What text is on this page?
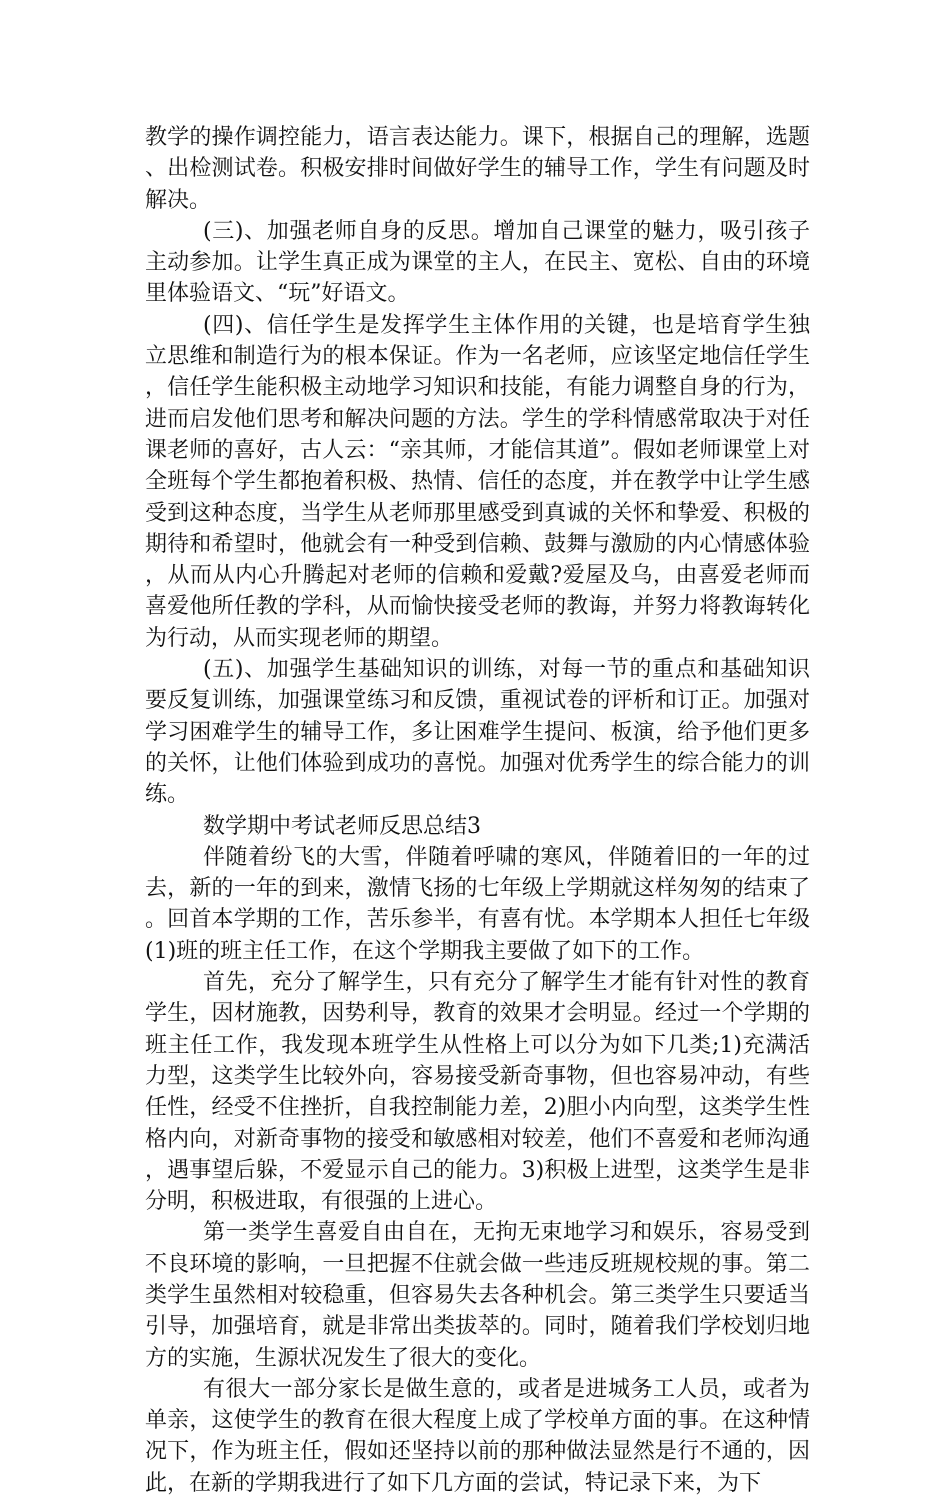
教学的操作调控能力，语言表达能力。课下，根据自己的理解，选题、出检测试卷。积极安排时间做好学生的辅导工作，学生有问题及时解决。

(三)、加强老师自身的反思。增加自己课堂的魅力，吸引孩子主动参加。让学生真正成为课堂的主人，在民主、宽松、自由的环境里体验语文、“玩”好语文。

(四)、信任学生是发挥学生主体作用的关键，也是培育学生独立思维和制造行为的根本保证。作为一名老师，应该坚定地信任学生，信任学生能积极主动地学习知识和技能，有能力调整自身的行为，进而启发他们思考和解决问题的方法。学生的学科情感常取决于对任课老师的喜好，古人云：“亲其师，才能信其道”。假如老师课堂上对全班每个学生都抱着积极、热情、信任的态度，并在教学中让学生感受到这种态度，当学生从老师那里感受到真诚的关怀和挚爱、积极的期待和希望时，他就会有一种受到信赖、鼓舞与激励的内心情感体验，从而从内心升腾起对老师的信赖和爱戴?爱屋及乌，由喜爱老师而喜爱他所任教的学科，从而愉快接受老师的教诲，并努力将教诲转化为行动，从而实现老师的期望。

(五)、加强学生基础知识的训练，对每一节的重点和基础知识要反复训练，加强课堂练习和反馈，重视试卷的评析和订正。加强对学习困难学生的辅导工作，多让困难学生提问、板演，给予他们更多的关怀，让他们体验到成功的喜悦。加强对优秀学生的综合能力的训练。

数学期中考试老师反思总结3

伴随着纷飞的大雪，伴随着呼啸的寒风，伴随着旧的一年的过去，新的一年的到来，激情飞扬的七年级上学期就这样匆匆的结束了。回首本学期的工作，苦乐参半，有喜有忧。本学期本人担任七年级(1)班的班主任工作，在这个学期我主要做了如下的工作。

首先，充分了解学生，只有充分了解学生才能有针对性的教育学生，因材施教，因势利导，教育的效果才会明显。经过一个学期的班主任工作，我发现本班学生从性格上可以分为如下几类;1)充满活力型，这类学生比较外向，容易接受新奇事物，但也容易冲动，有些任性，经受不住挫折，自我控制能力差，2)胆小内向型，这类学生性格内向，对新奇事物的接受和敏感相对较差，他们不喜爱和老师沟通，遇事望后躲，不爱显示自己的能力。3)积极上进型，这类学生是非分明，积极进取，有很强的上进心。

第一类学生喜爱自由自在，无拘无束地学习和娱乐，容易受到不良环境的影响，一旦把握不住就会做一些违反班规校规的事。第二类学生虽然相对较稳重，但容易失去各种机会。第三类学生只要适当引导，加强培育，就是非常出类拔萃的。同时，随着我们学校划归地方的实施，生源状况发生了很大的变化。

有很大一部分家长是做生意的，或者是进城务工人员，或者为单亲，这使学生的教育在很大程度上成了学校单方面的事。在这种情况下，作为班主任，假如还坚持以前的那种做法显然是行不通的，因此，在新的学期我进行了如下几方面的尝试，特记录下来，为下
